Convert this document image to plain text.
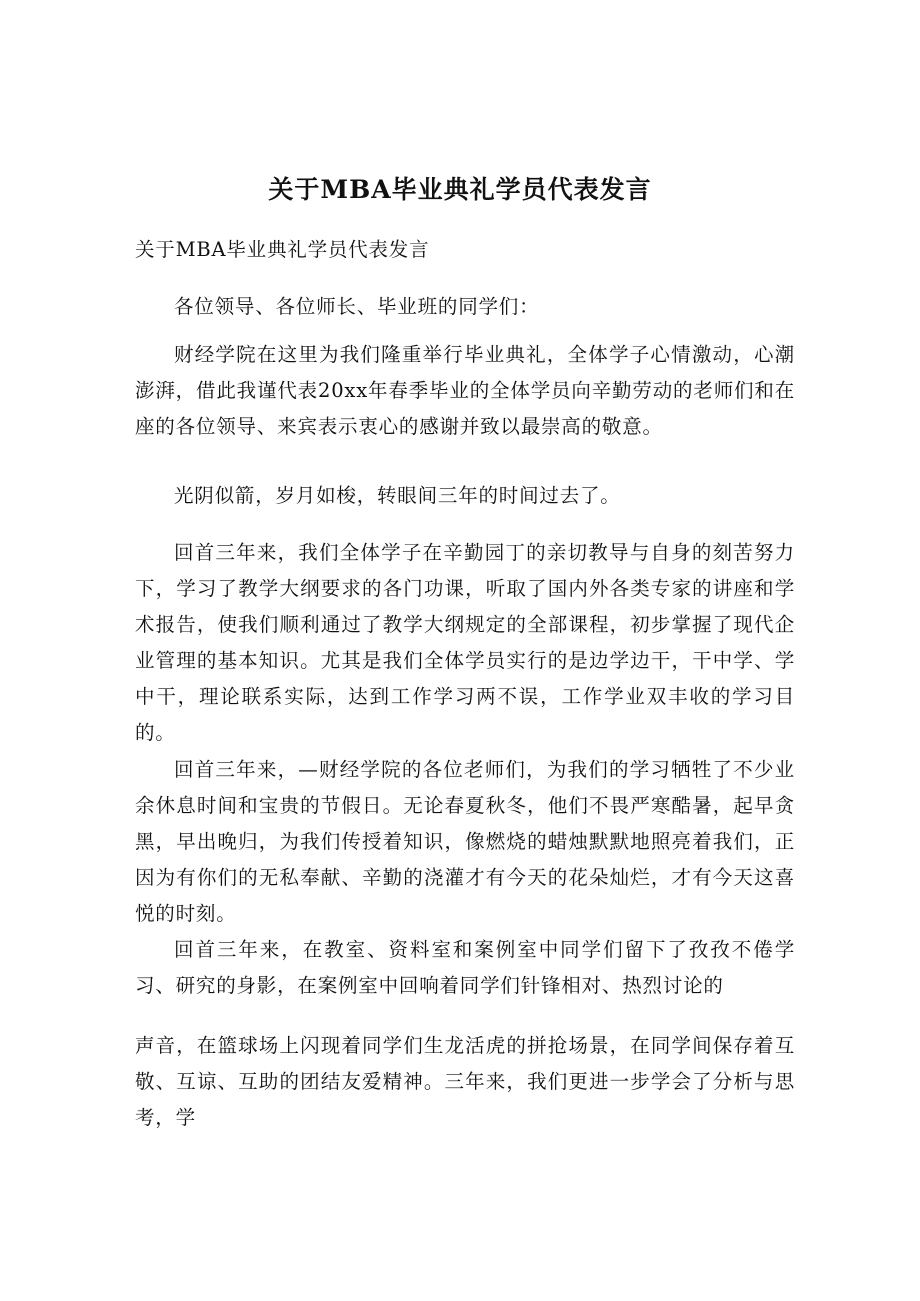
关于MBA毕业典礼学员代表发言

关于MBA毕业典礼学员代表发言

各位领导、各位师长、毕业班的同学们：

财经学院在这里为我们隆重举行毕业典礼，全体学子心情激动，心潮澎湃，借此我谨代表20xx年春季毕业的全体学员向辛勤劳动的老师们和在座的各位领导、来宾表示衷心的感谢并致以最崇高的敬意。

光阴似箭，岁月如梭，转眼间三年的时间过去了。

回首三年来，我们全体学子在辛勤园丁的亲切教导与自身的刻苦努力下，学习了教学大纲要求的各门功课，听取了国内外各类专家的讲座和学术报告，使我们顺利通过了教学大纲规定的全部课程，初步掌握了现代企业管理的基本知识。尤其是我们全体学员实行的是边学边干，干中学、学中干，理论联系实际，达到工作学习两不误，工作学业双丰收的学习目的。

回首三年来，—财经学院的各位老师们，为我们的学习牺牲了不少业余休息时间和宝贵的节假日。无论春夏秋冬，他们不畏严寒酷暑，起早贪黑，早出晚归，为我们传授着知识，像燃烧的蜡烛默默地照亮着我们，正因为有你们的无私奉献、辛勤的浇灌才有今天的花朵灿烂，才有今天这喜悦的时刻。

回首三年来，在教室、资料室和案例室中同学们留下了孜孜不倦学习、研究的身影，在案例室中回响着同学们针锋相对、热烈讨论的

声音，在篮球场上闪现着同学们生龙活虎的拼抢场景，在同学间保存着互敬、互谅、互助的团结友爱精神。三年来，我们更进一步学会了分析与思考，学
